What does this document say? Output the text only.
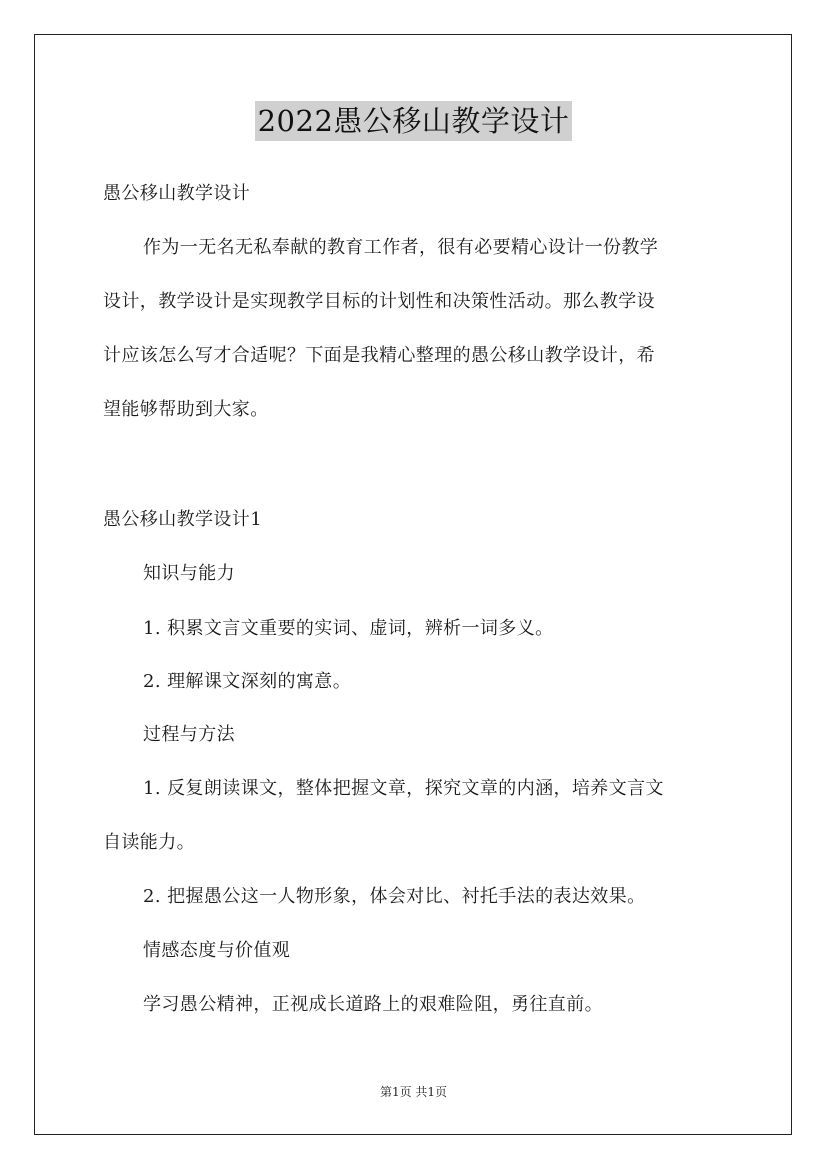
2022愚公移山教学设计
愚公移山教学设计
作为一无名无私奉献的教育工作者，很有必要精心设计一份教学
设计，教学设计是实现教学目标的计划性和决策性活动。那么教学设
计应该怎么写才合适呢？下面是我精心整理的愚公移山教学设计，希
望能够帮助到大家。
愚公移山教学设计1
知识与能力
1. 积累文言文重要的实词、虚词，辨析一词多义。
2. 理解课文深刻的寓意。
过程与方法
1. 反复朗读课文，整体把握文章，探究文章的内涵，培养文言文
自读能力。
2. 把握愚公这一人物形象，体会对比、衬托手法的表达效果。
情感态度与价值观
学习愚公精神，正视成长道路上的艰难险阻，勇往直前。
第1页 共1页
